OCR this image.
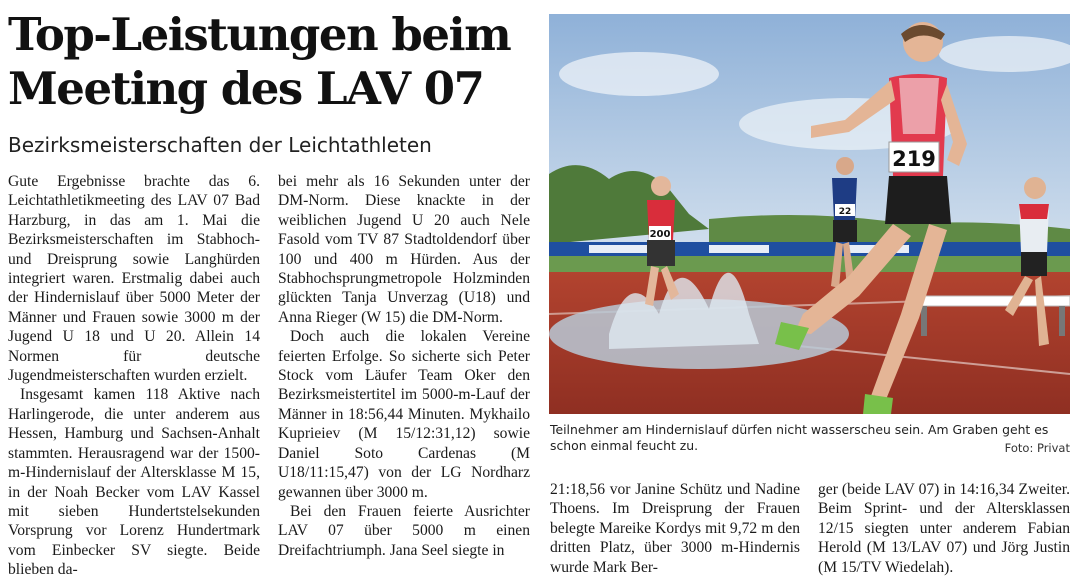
Top-Leistungen beim
Meeting des LAV 07
Bezirksmeisterschaften der Leichtathleten

Gute Ergebnisse brachte das 6. Leichtathletikmeeting des LAV 07 Bad Harzburg, in das am 1. Mai die Bezirksmeisterschaften im Stabhoch- und Dreisprung sowie Langhürden integriert waren. Erstmalig dabei auch der Hindernislauf über 5000 Meter der Männer und Frauen sowie 3000 m der Jugend U 18 und U 20. Allein 14 Normen für deutsche Jugendmeisterschaften wurden erzielt.

Insgesamt kamen 118 Aktive nach Harlingerode, die unter anderem aus Hessen, Hamburg und Sachsen-Anhalt stammten. Herausragend war der 1500-m-Hindernislauf der Altersklasse M 15, in der Noah Becker vom LAV Kassel mit sieben Hundertstelsekunden Vorsprung vor Lorenz Hundertmark vom Einbecker SV siegte. Beide blieben da-

bei mehr als 16 Sekunden unter der DM-Norm. Diese knackte in der weiblichen Jugend U 20 auch Nele Fasold vom TV 87 Stadtoldendorf über 100 und 400 m Hürden. Aus der Stabhochsprungmetropole Holzminden glückten Tanja Unverzag (U18) und Anna Rieger (W 15) die DM-Norm.

Doch auch die lokalen Vereine feierten Erfolge. So sicherte sich Peter Stock vom Läufer Team Oker den Bezirksmeistertitel im 5000-m-Lauf der Männer in 18:56,44 Minuten. Mykhailo Kuprieiev (M 15/12:31,12) sowie Daniel Soto Cardenas (M U18/11:15,47) von der LG Nordharz gewannen über 3000 m.

Bei den Frauen feierte Ausrichter LAV 07 über 5000 m einen Dreifachtriumph. Jana Seel siegte in

200
22
219
Teilnehmer am Hindernislauf dürfen nicht wasserscheu sein. Am Graben geht es schon einmal feucht zu.	Foto: Privat

21:18,56 vor Janine Schütz und Nadine Thoens. Im Dreisprung der Frauen belegte Mareike Kordys mit 9,72 m den dritten Platz, über 3000 m-Hindernis wurde Mark Ber-

ger (beide LAV 07) in 14:16,34 Zweiter. Beim Sprint- und der Altersklassen 12/15 siegten unter anderem Fabian Herold (M 13/LAV 07) und Jörg Justin (M 15/TV Wiedelah).
